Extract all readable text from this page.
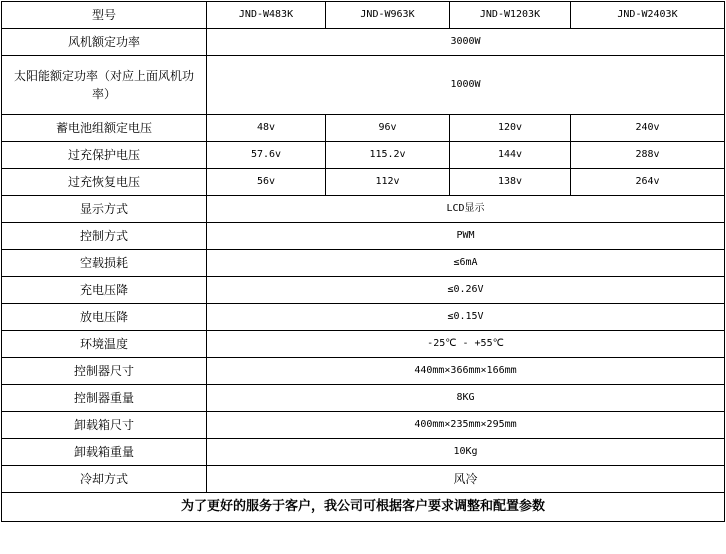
型号	JND-W483K	JND-W963K	JND-W1203K	JND-W2403K
风机额定功率	3000W			
太阳能额定功率（对应上面风机功率）	1000W			
蓄电池组额定电压	48v	96v	120v	240v
过充保护电压	57.6v	115.2v	144v	288v
过充恢复电压	56v	112v	138v	264v
显示方式	LCD显示			
控制方式	PWM			
空载损耗	≤6mA			
充电压降	≤0.26V			
放电压降	≤0.15V			
环境温度	-25℃ - +55℃			
控制器尺寸	440mm×366mm×166mm			
控制器重量	8KG			
卸载箱尺寸	400mm×235mm×295mm			
卸载箱重量	10Kg			
冷却方式	风冷			
为了更好的服务于客户，我公司可根据客户要求调整和配置参数				
